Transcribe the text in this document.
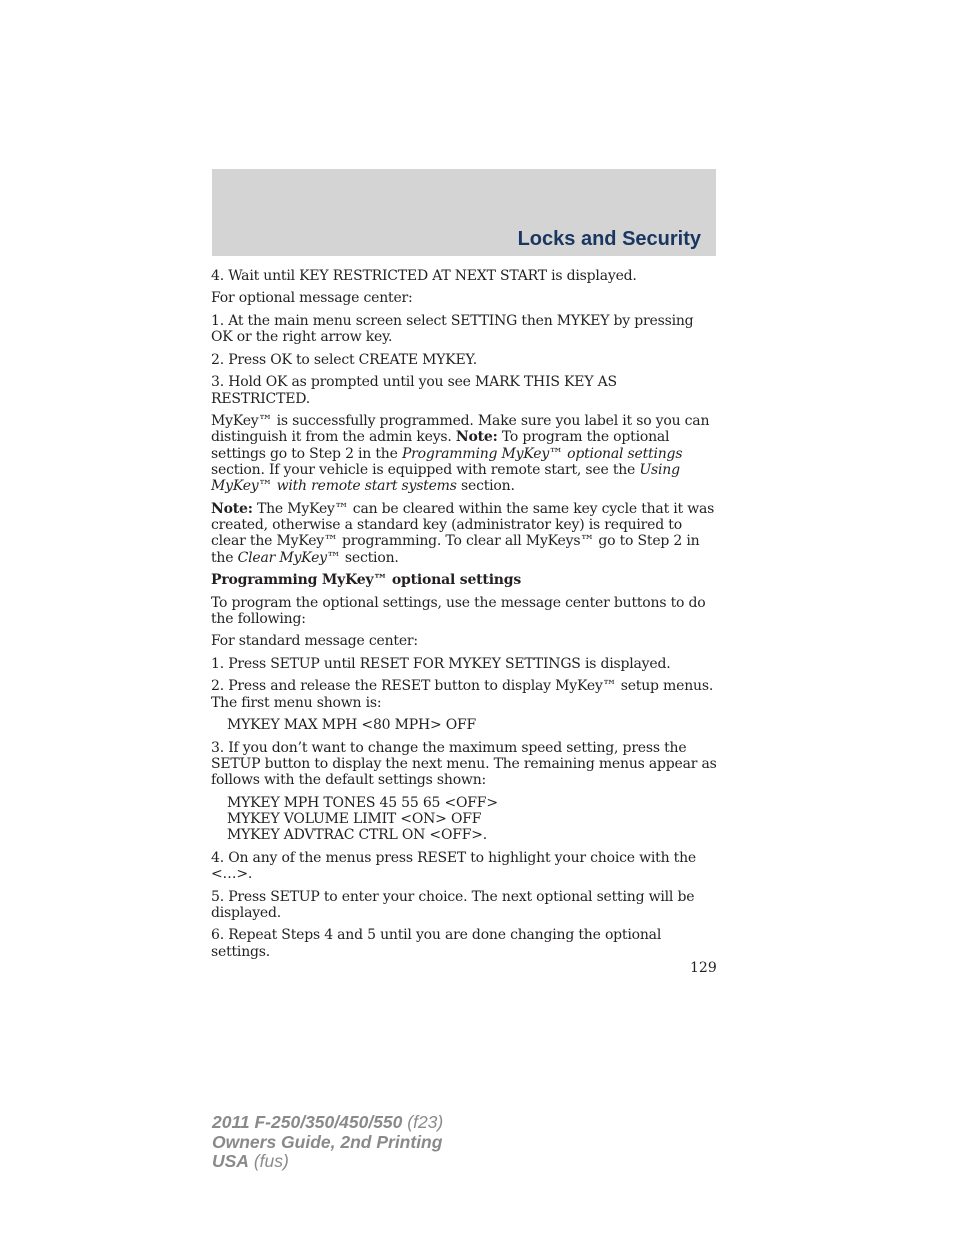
Locks and Security

4. Wait until KEY RESTRICTED AT NEXT START is displayed.

For optional message center:

1. At the main menu screen select SETTING then MYKEY by pressing OK or the right arrow key.

2. Press OK to select CREATE MYKEY.

3. Hold OK as prompted until you see MARK THIS KEY AS RESTRICTED.

MyKey™ is successfully programmed. Make sure you label it so you can distinguish it from the admin keys. Note: To program the optional settings go to Step 2 in the Programming MyKey™ optional settings section. If your vehicle is equipped with remote start, see the Using MyKey™ with remote start systems section.

Note: The MyKey™ can be cleared within the same key cycle that it was created, otherwise a standard key (administrator key) is required to clear the MyKey™ programming. To clear all MyKeys™ go to Step 2 in the Clear MyKey™ section.

Programming MyKey™ optional settings

To program the optional settings, use the message center buttons to do the following:

For standard message center:

1. Press SETUP until RESET FOR MYKEY SETTINGS is displayed.

2. Press and release the RESET button to display MyKey™ setup menus. The first menu shown is:

MYKEY MAX MPH <80 MPH> OFF

3. If you don’t want to change the maximum speed setting, press the SETUP button to display the next menu. The remaining menus appear as follows with the default settings shown:

MYKEY MPH TONES 45 55 65 <OFF>
MYKEY VOLUME LIMIT <ON> OFF
MYKEY ADVTRAC CTRL ON <OFF>.

4. On any of the menus press RESET to highlight your choice with the <…>.

5. Press SETUP to enter your choice. The next optional setting will be displayed.

6. Repeat Steps 4 and 5 until you are done changing the optional settings.

129
2011 F-250/350/450/550 (f23)
Owners Guide, 2nd Printing
USA (fus)
